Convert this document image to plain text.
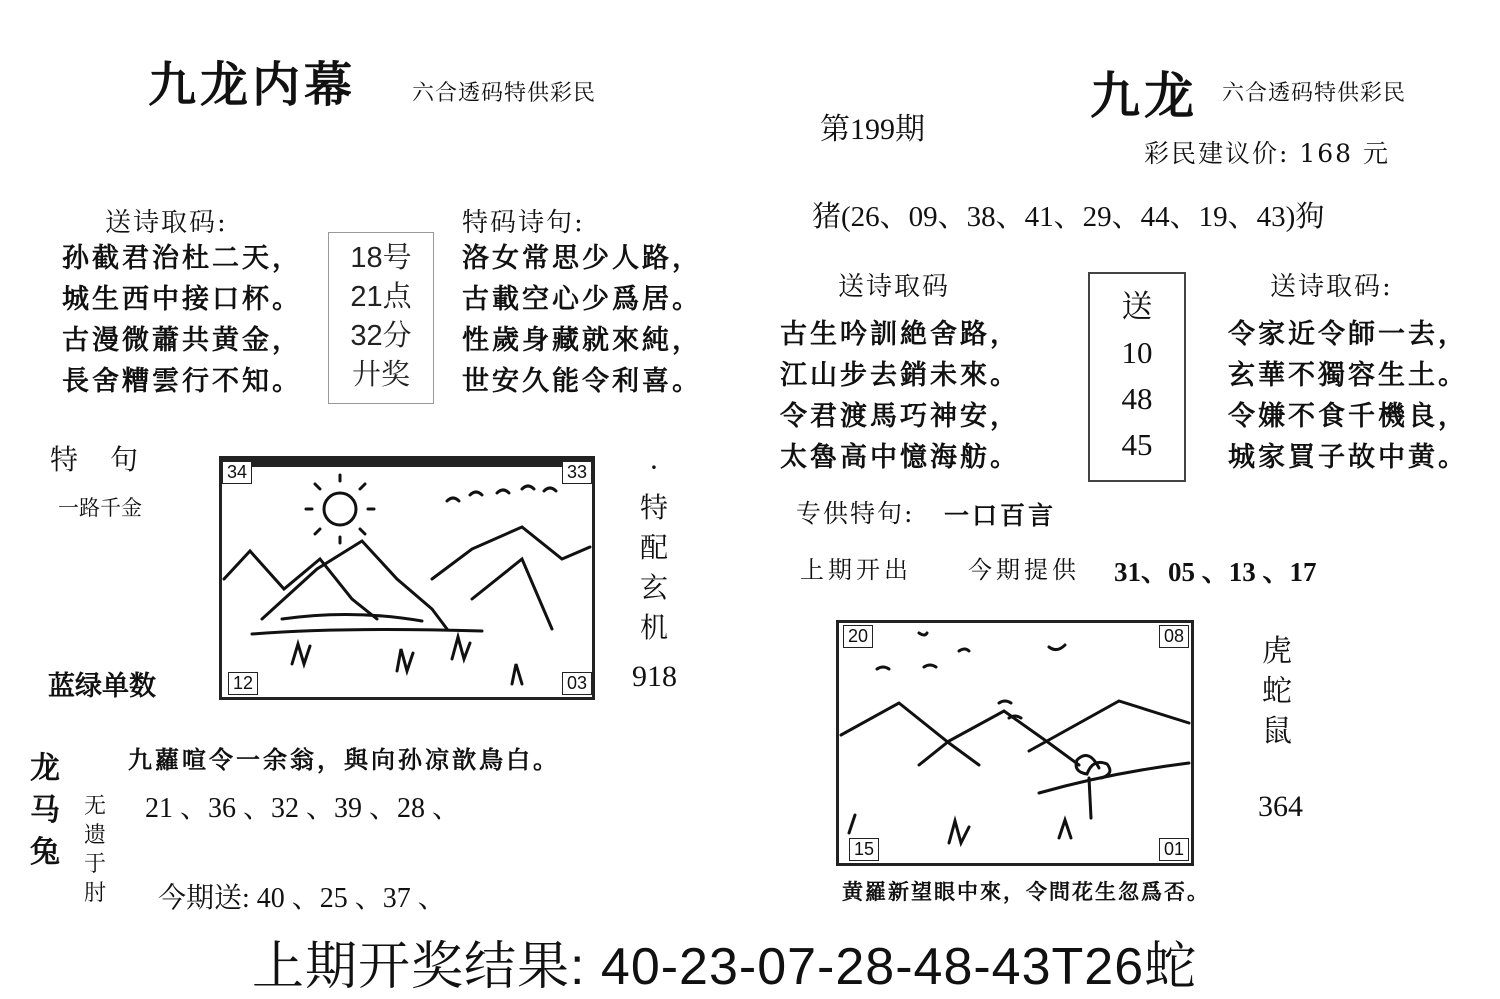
九龙内幕	六合透码特供彩民
送诗取码:
孙截君治杜二天，
城生西中接口杯。
古漫微蕭共黄金，
長舍糟雲行不知。
18号
21点
32分
廾奖
特码诗句:
洛女常思少人路，
古載空心少爲居。
性歲身藏就來純，
世安久能令利喜。
特　句
一路千金
蓝绿单数
34	33
12	03
·
特
配
玄
机
918
九蘿喧令一余翁，與向孙凉歆鳥白。
龙
马
兔
无
遗
于
肘
21 、36 、32 、39 、28 、
今期送: 40 、25 、37 、
第199期
九龙 六合透码特供彩民
彩民建议价: 168 元
猪(26、09、38、41、29、44、19、43)狗
送诗取码
古生吟訓絶舍路，
江山步去銷未來。
令君渡馬巧神安，
太魯高中憶海舫。
送
10
48
45
送诗取码:
令家近令師一去，
玄華不獨容生土。
令嫌不食千機良，
城家買子故中黄。
专供特句: 一口百言
上期开出 今期提供 31、05 、13 、17
20	08
15	01
虎
蛇
鼠
364
黄羅新望眼中來，令問花生忽爲否。
上期开奖结果: 40-23-07-28-48-43T26蛇
